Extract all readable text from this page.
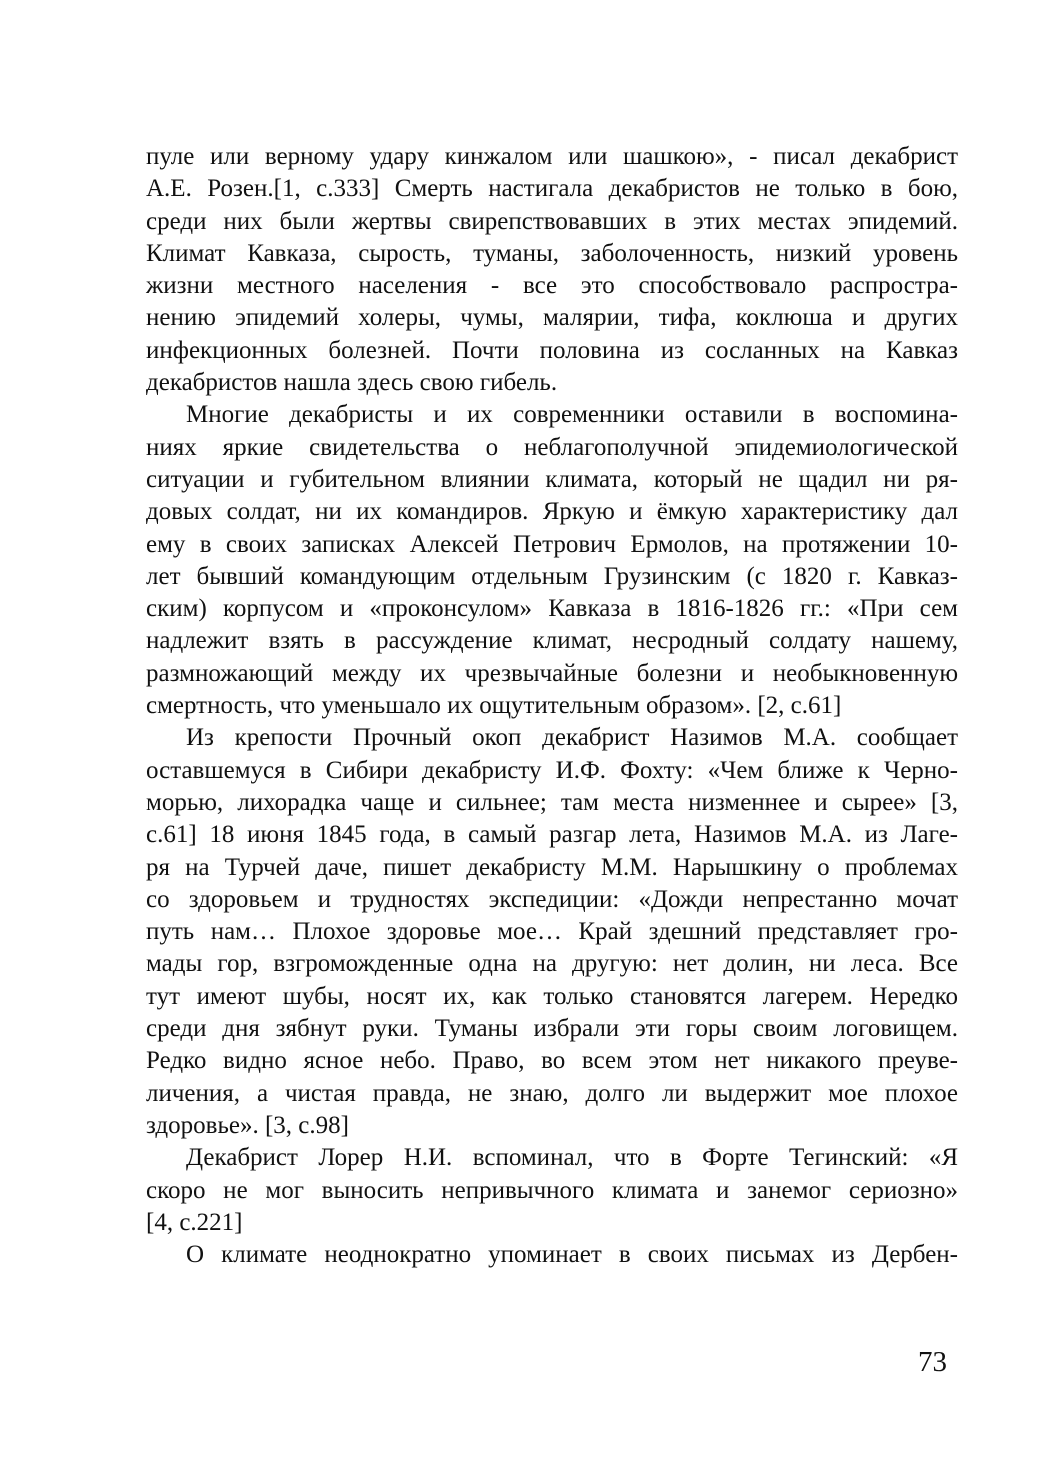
пуле или верному удару кинжалом или шашкою», - писал декабрист
А.Е. Розен.[1, с.333] Смерть настигала декабристов не только в бою,
среди них были жертвы свирепствовавших в этих местах эпидемий.
Климат Кавказа, сырость, туманы, заболоченность, низкий уровень
жизни местного населения - все это способствовало распростра-
нению эпидемий холеры, чумы, малярии, тифа, коклюша и других
инфекционных болезней. Почти половина из сосланных на Кавказ
декабристов нашла здесь свою гибель.
Многие декабристы и их современники оставили в воспомина-
ниях яркие свидетельства о неблагополучной эпидемиологической
ситуации и губительном влиянии климата, который не щадил ни ря-
довых солдат, ни их командиров. Яркую и ёмкую характеристику дал
ему в своих записках Алексей Петрович Ермолов, на протяжении 10-
лет бывший командующим отдельным Грузинским (с 1820 г. Кавказ-
ским) корпусом и «проконсулом» Кавказа в 1816-1826 гг.: «При сем
надлежит взять в рассуждение климат, несродный солдату нашему,
размножающий между их чрезвычайные болезни и необыкновенную
смертность, что уменьшало их ощутительным образом». [2, с.61]
Из крепости Прочный окоп декабрист Назимов М.А. сообщает
оставшемуся в Сибири декабристу И.Ф. Фохту: «Чем ближе к Черно-
морью, лихорадка чаще и сильнее; там места низменнее и сырее» [3,
с.61] 18 июня 1845 года, в самый разгар лета, Назимов М.А. из Лаге-
ря на Турчей даче, пишет декабристу М.М. Нарышкину о проблемах
со здоровьем и трудностях экспедиции: «Дожди непрестанно мочат
путь нам… Плохое здоровье мое… Край здешний представляет гро-
мады гор, взгроможденные одна на другую: нет долин, ни леса. Все
тут имеют шубы, носят их, как только становятся лагерем. Нередко
среди дня зябнут руки. Туманы избрали эти горы своим логовищем.
Редко видно ясное небо. Право, во всем этом нет никакого преуве-
личения, а чистая правда, не знаю, долго ли выдержит мое плохое
здоровье». [3, с.98]
Декабрист Лорер Н.И. вспоминал, что в Форте Тегинский: «Я
скоро не мог выносить непривычного климата и занемог сериозно»
[4, с.221]
О климате неоднократно упоминает в своих письмах из Дербен-
73
